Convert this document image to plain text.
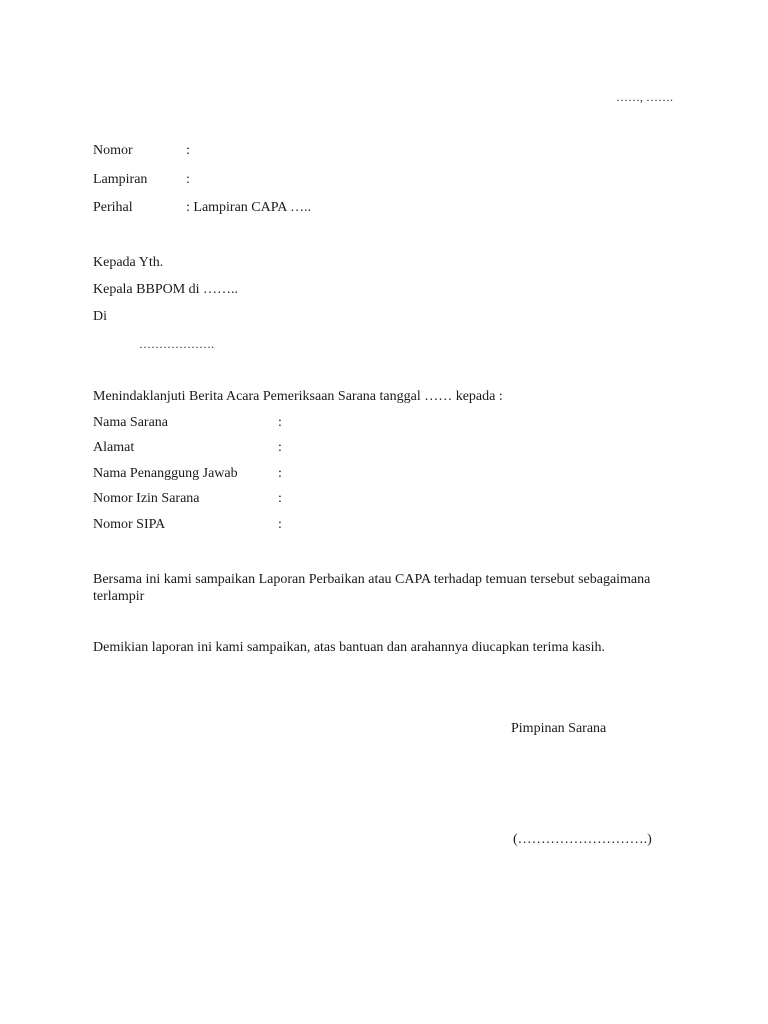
……, …….
Nomor	:
Lampiran	:
Perihal	: Lampiran CAPA …..
Kepada Yth.
Kepala BBPOM di ……..
Di
……………….
Menindaklanjuti Berita Acara Pemeriksaan Sarana tanggal …… kepada :
Nama Sarana	:
Alamat	:
Nama Penanggung Jawab	:
Nomor Izin Sarana	:
Nomor SIPA	:
Bersama ini kami sampaikan Laporan Perbaikan atau CAPA terhadap temuan tersebut sebagaimana terlampir
Demikian laporan ini kami sampaikan, atas bantuan dan arahannya diucapkan terima kasih.
Pimpinan Sarana
(……………………….)
